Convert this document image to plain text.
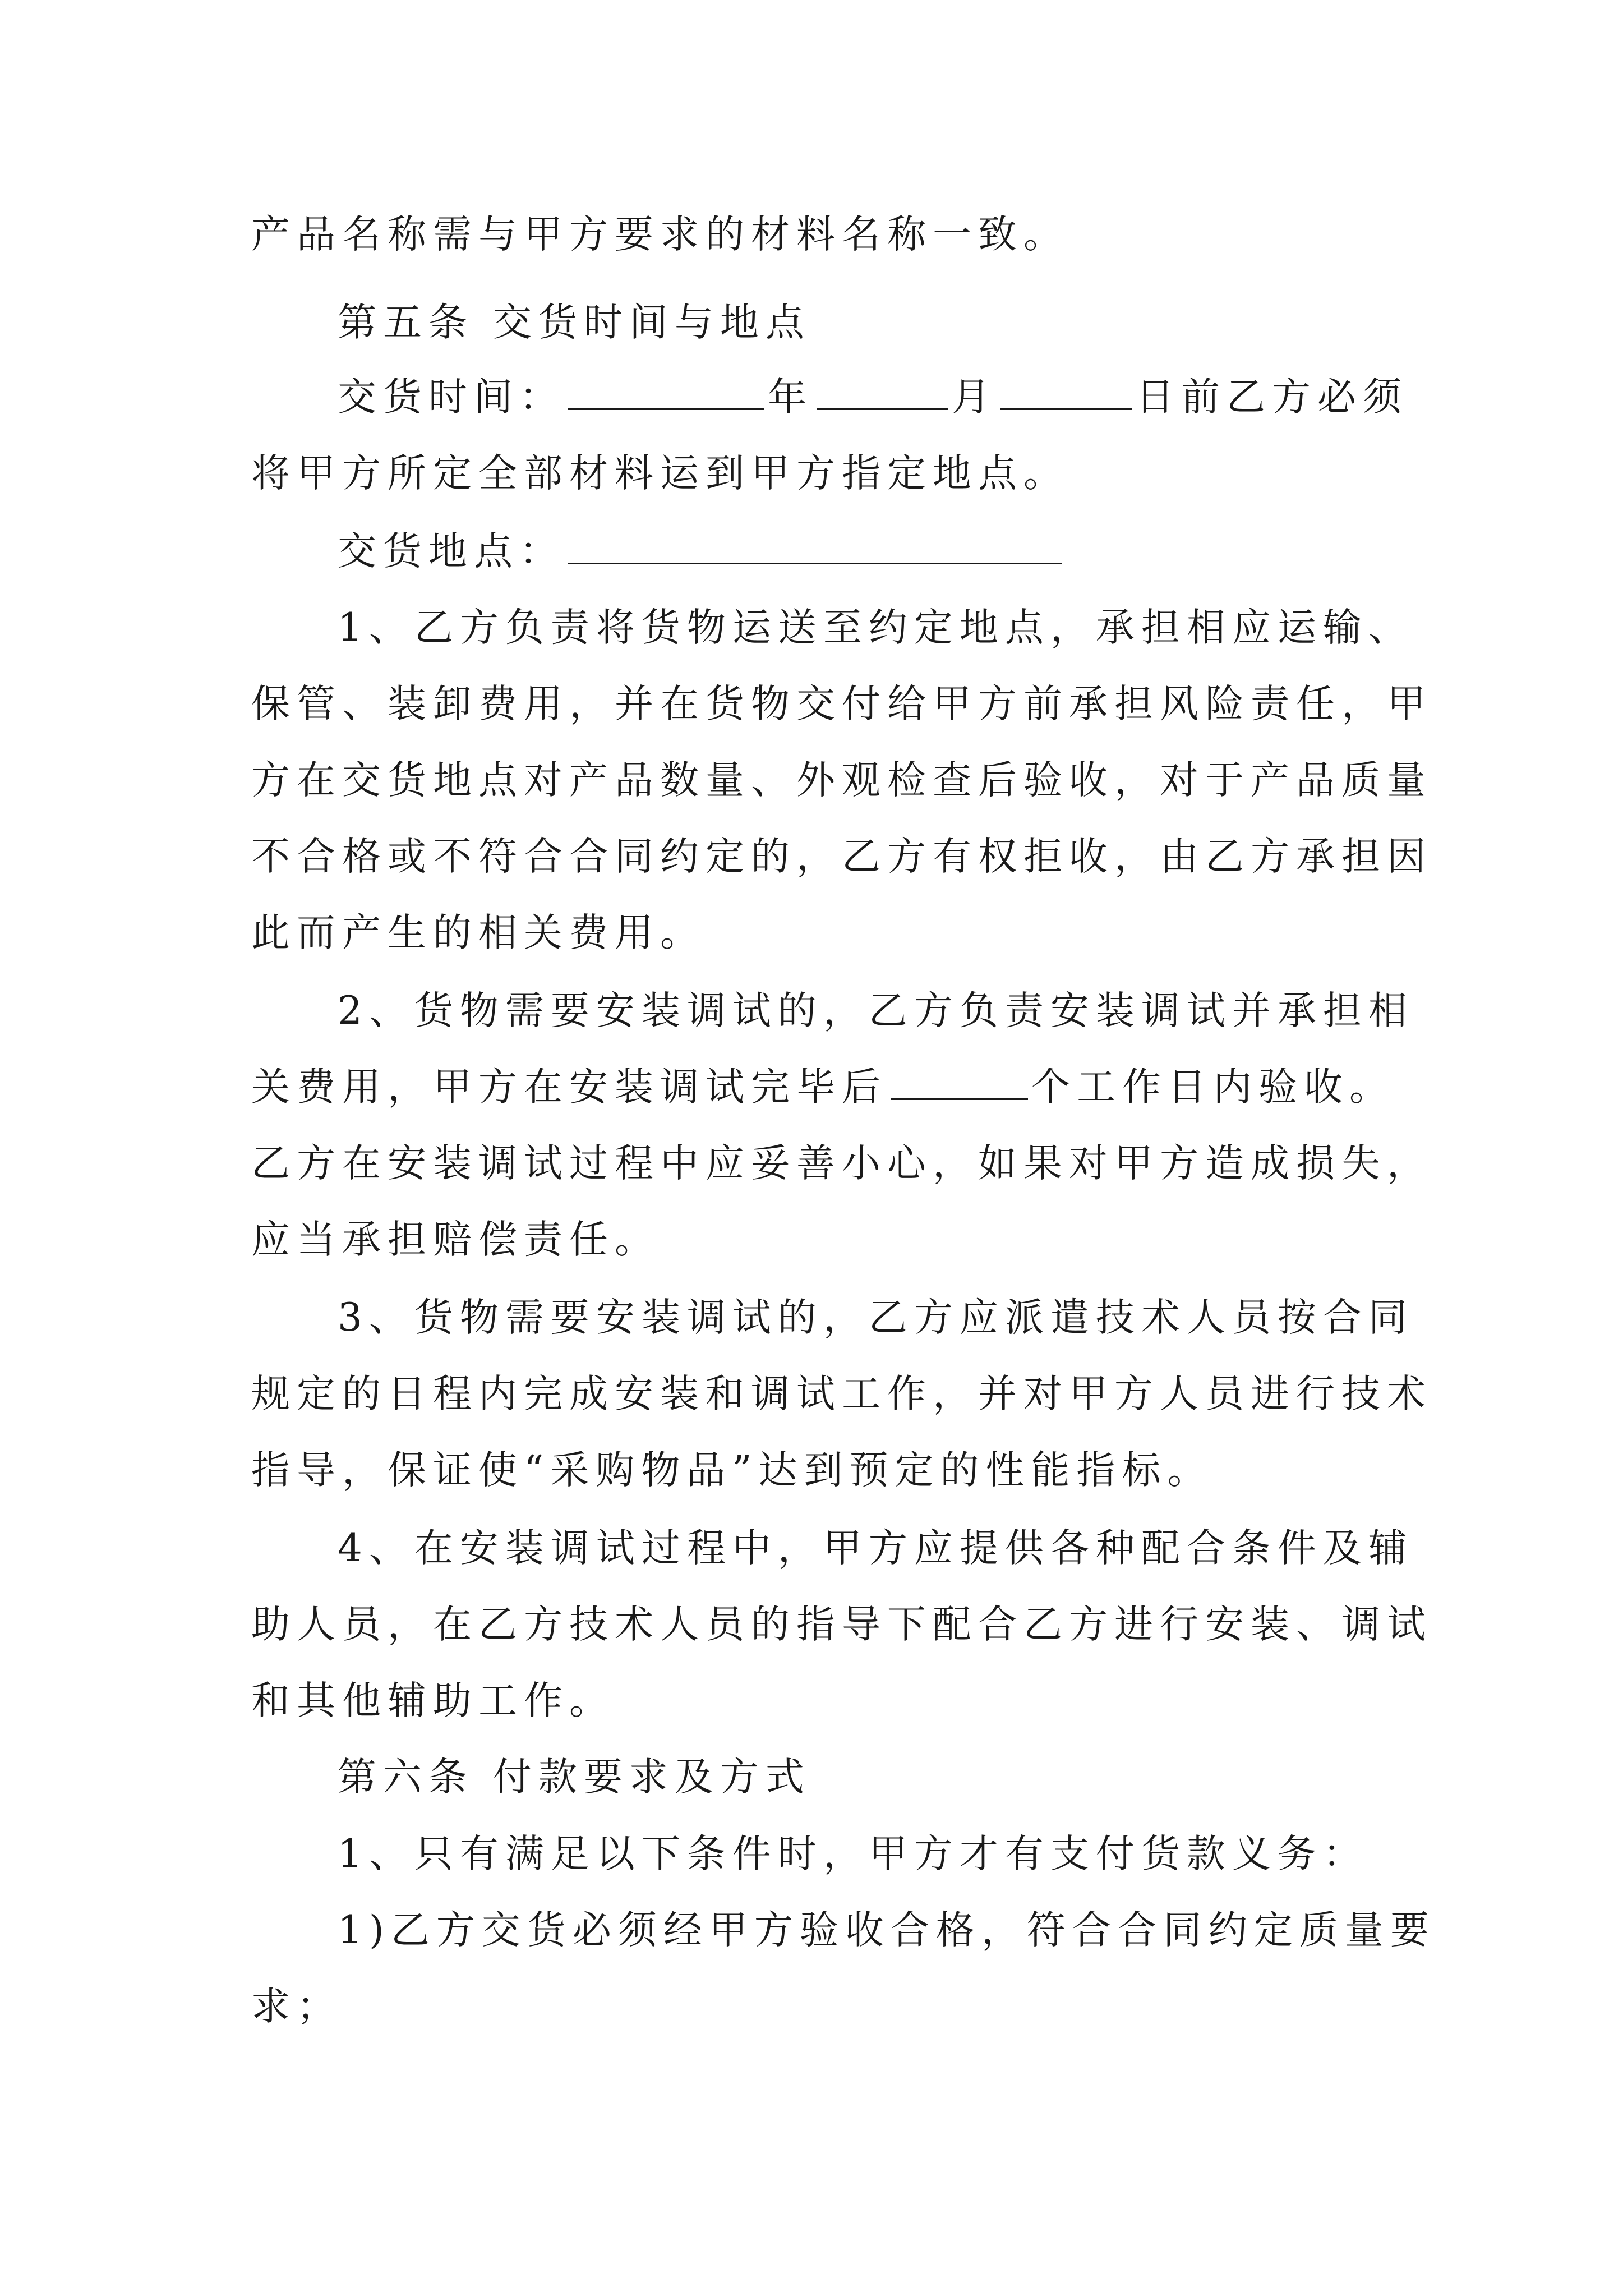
产品名称需与甲方要求的材料名称一致。
第五条 交货时间与地点
交货时间：	年	月	日前乙方必须
将甲方所定全部材料运到甲方指定地点。
交货地点：
1、乙方负责将货物运送至约定地点，承担相应运输、
保管、装卸费用，并在货物交付给甲方前承担风险责任，甲
方在交货地点对产品数量、外观检查后验收，对于产品质量
不合格或不符合合同约定的，乙方有权拒收，由乙方承担因
此而产生的相关费用。
2、货物需要安装调试的，乙方负责安装调试并承担相
关费用，甲方在安装调试完毕后	个工作日内验收。
乙方在安装调试过程中应妥善小心，如果对甲方造成损失，
应当承担赔偿责任。
3、货物需要安装调试的，乙方应派遣技术人员按合同
规定的日程内完成安装和调试工作，并对甲方人员进行技术
指导，保证使“采购物品”达到预定的性能指标。
4、在安装调试过程中，甲方应提供各种配合条件及辅
助人员，在乙方技术人员的指导下配合乙方进行安装、调试
和其他辅助工作。
第六条 付款要求及方式
1、只有满足以下条件时，甲方才有支付货款义务：
1)乙方交货必须经甲方验收合格，符合合同约定质量要
求；
